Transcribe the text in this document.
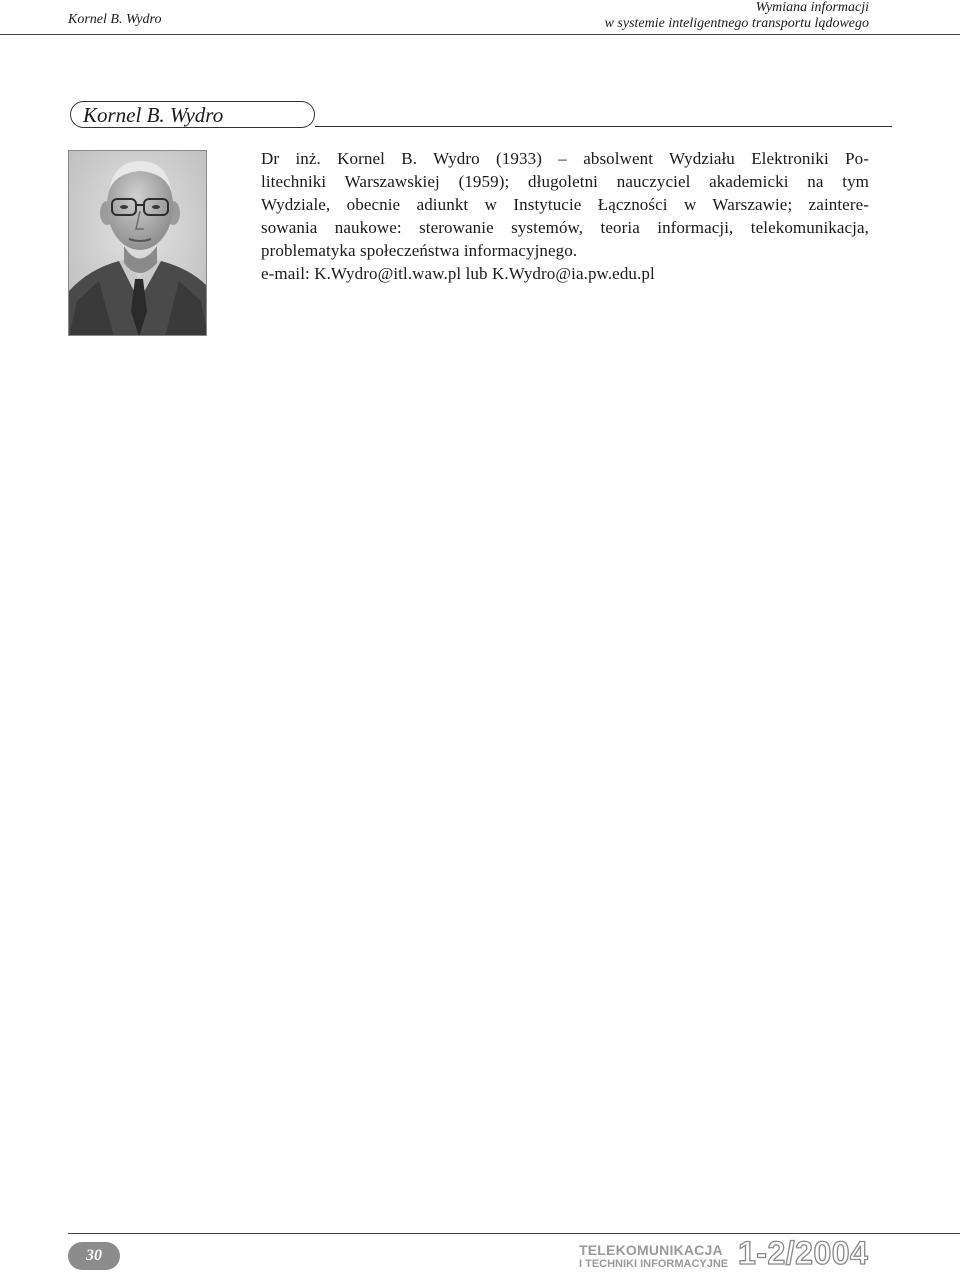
Kornel B. Wydro
Wymiana informacji
w systemie inteligentnego transportu lądowego
Kornel B. Wydro
Dr inż. Kornel B. Wydro (1933) – absolwent Wydziału Elektroniki Po-
litechniki Warszawskiej (1959); długoletni nauczyciel akademicki na tym
Wydziale, obecnie adiunkt w Instytucie Łączności w Warszawie; zaintere-
sowania naukowe: sterowanie systemów, teoria informacji, telekomunikacja,
problematyka społeczeństwa informacyjnego.
e-mail: K.Wydro@itl.waw.pl lub K.Wydro@ia.pw.edu.pl
30	TELEKOMUNIKACJA
I TECHNIKI INFORMACYJNE 1-2/2004
